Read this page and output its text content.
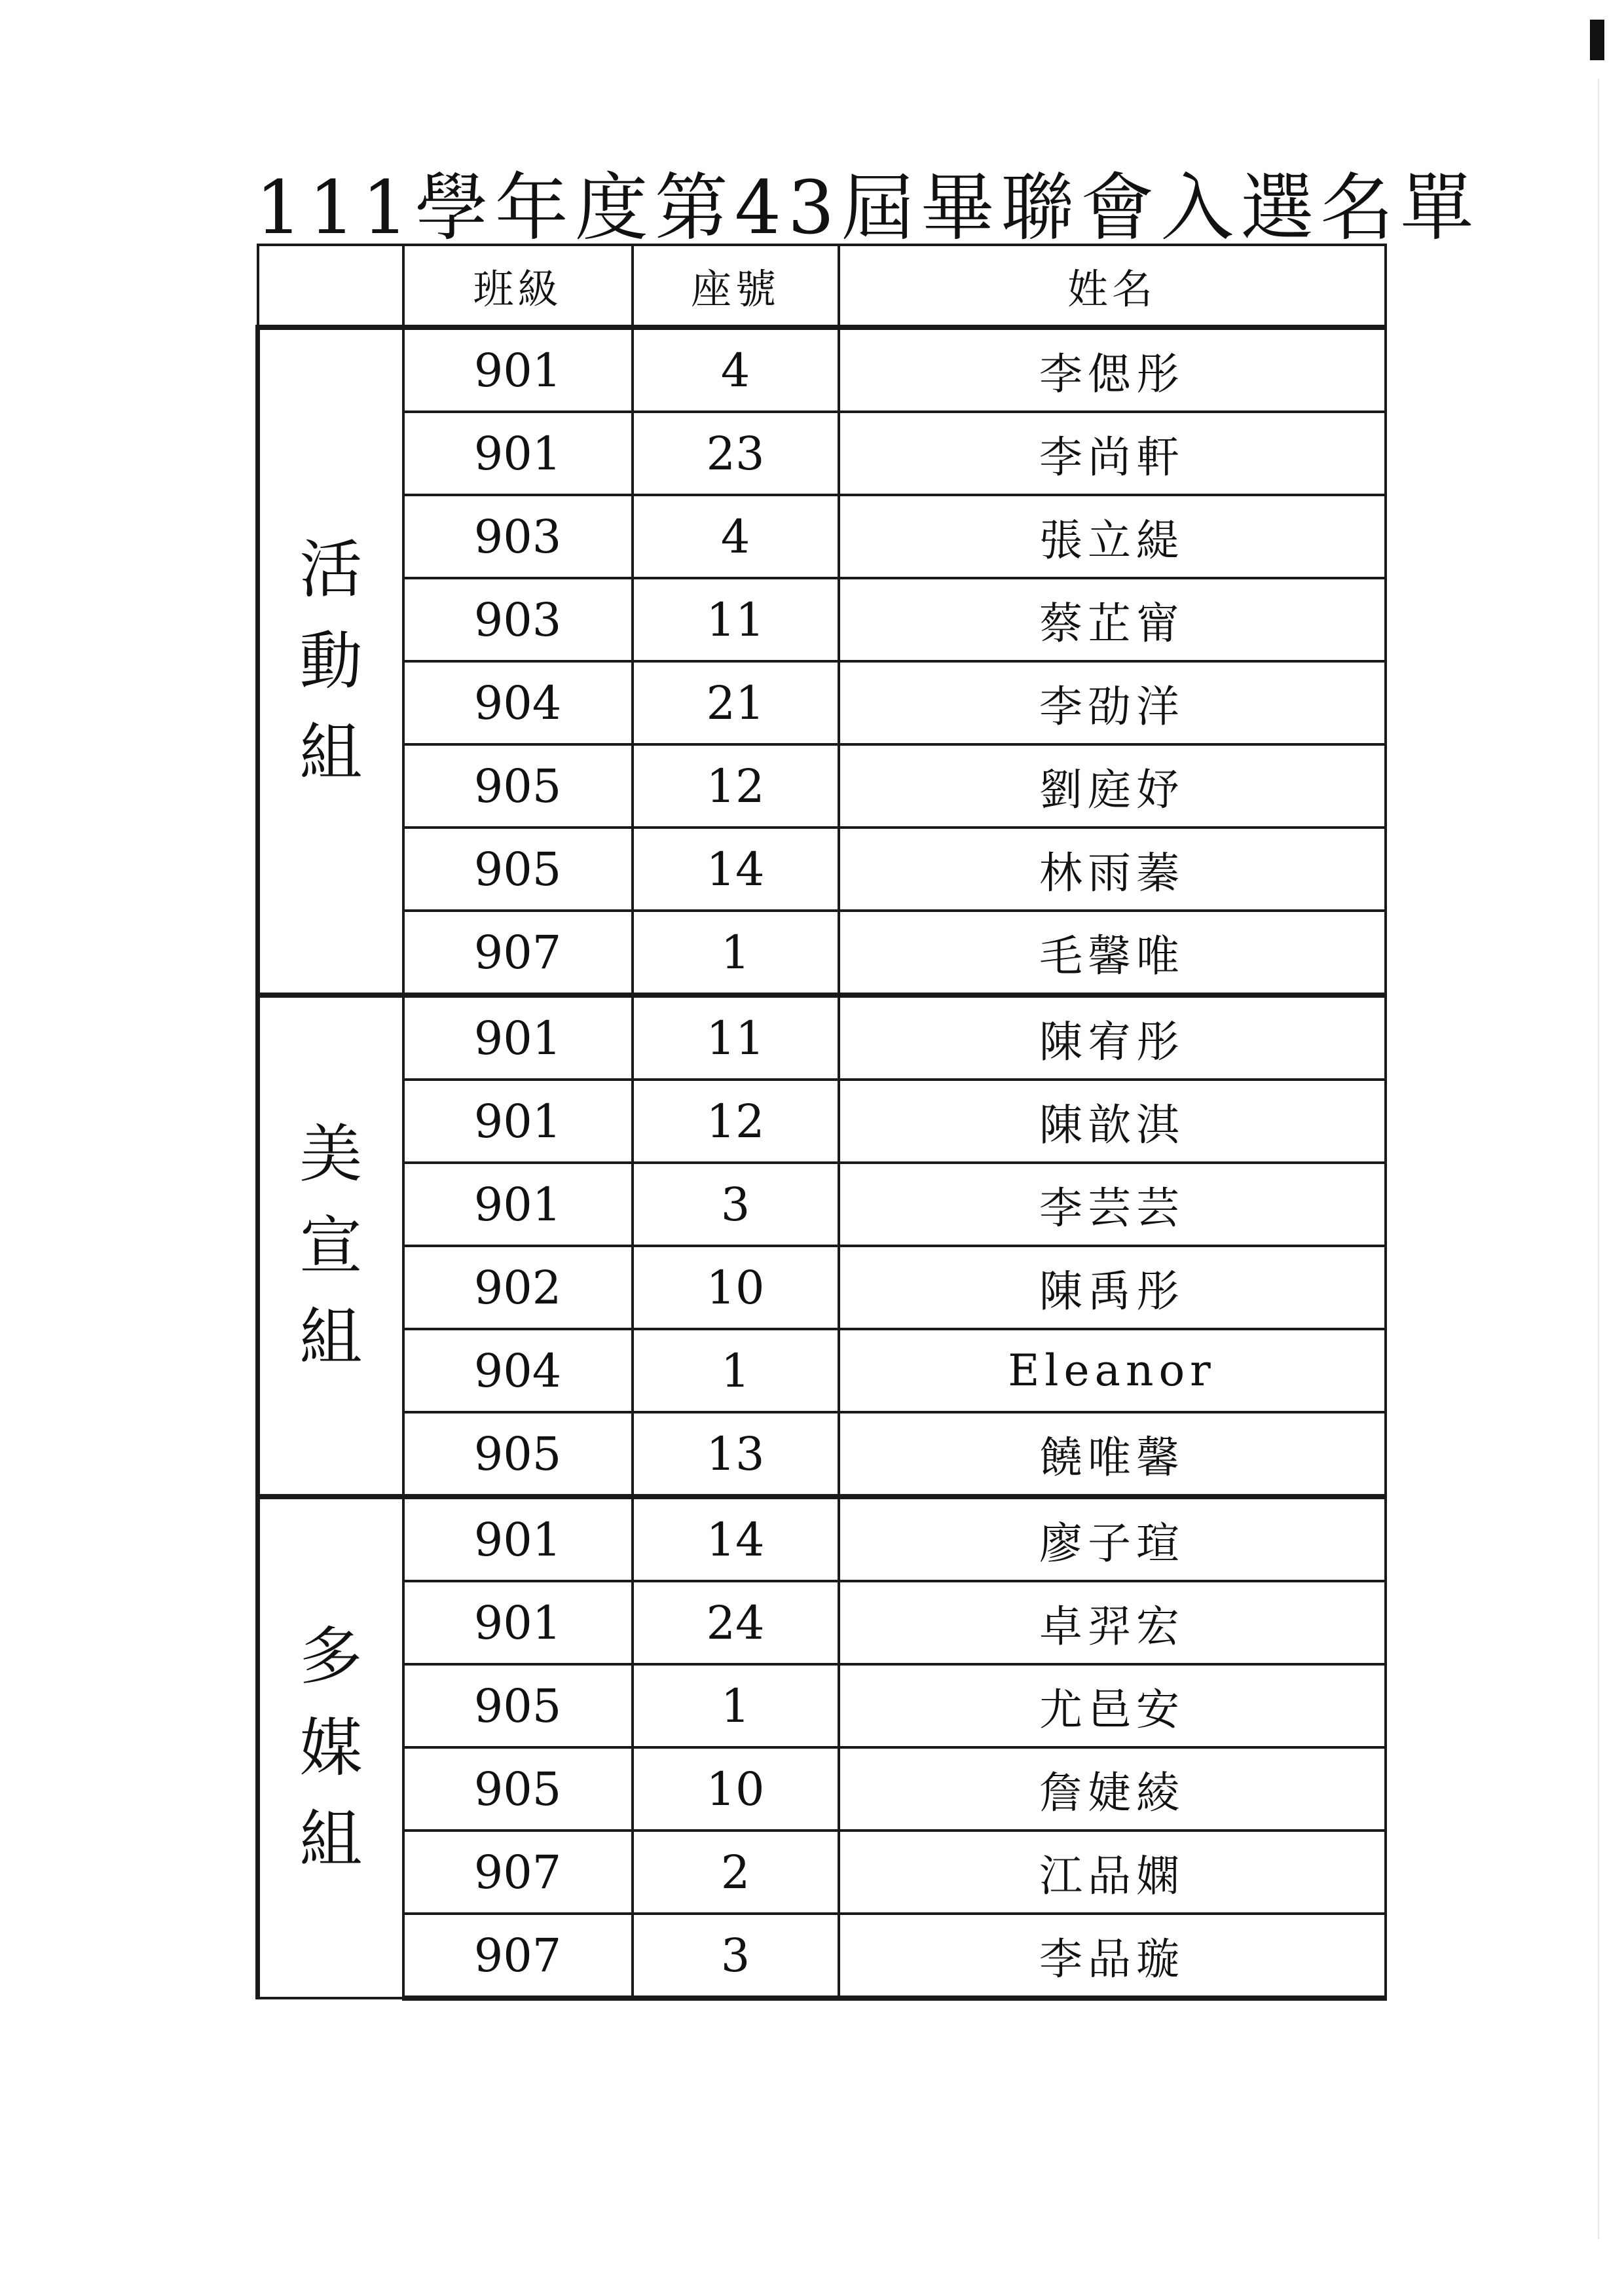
111學年度第43屆畢聯會入選名單
	班級	座號	姓名
活動組	901	4	李偲彤
	901	23	李尚軒
	903	4	張立緹
	903	11	蔡芷甯
	904	21	李劭洋
	905	12	劉庭妤
	905	14	林雨蓁
	907	1	毛馨唯
美宣組	901	11	陳宥彤
	901	12	陳歆淇
	901	3	李芸芸
	902	10	陳禹彤
	904	1	Eleanor
	905	13	饒唯馨
多媒組	901	14	廖子瑄
	901	24	卓羿宏
	905	1	尤邑安
	905	10	詹婕綾
	907	2	江品嫻
	907	3	李品璇
